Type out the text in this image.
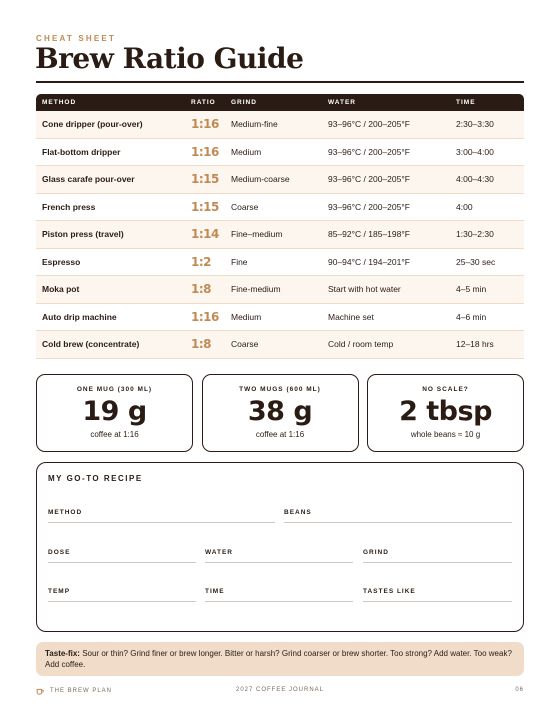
CHEAT SHEET
Brew Ratio Guide
METHOD	RATIO	GRIND	WATER	TIME
Cone dripper (pour-over)	1:16	Medium-fine	93–96°C / 200–205°F	2:30–3:30
Flat-bottom dripper	1:16	Medium	93–96°C / 200–205°F	3:00–4:00
Glass carafe pour-over	1:15	Medium-coarse	93–96°C / 200–205°F	4:00–4:30
French press	1:15	Coarse	93–96°C / 200–205°F	4:00
Piston press (travel)	1:14	Fine–medium	85–92°C / 185–198°F	1:30–2:30
Espresso	1:2	Fine	90–94°C / 194–201°F	25–30 sec
Moka pot	1:8	Fine-medium	Start with hot water	4–5 min
Auto drip machine	1:16	Medium	Machine set	4–6 min
Cold brew (concentrate)	1:8	Coarse	Cold / room temp	12–18 hrs
ONE MUG (300 ML)
19 g
coffee at 1:16
TWO MUGS (600 ML)
38 g
coffee at 1:16
NO SCALE?
2 tbsp
whole beans ≈ 10 g
MY GO-TO RECIPE
METHOD	BEANS
DOSE	WATER	GRIND
TEMP	TIME	TASTES LIKE
Taste-fix: Sour or thin? Grind finer or brew longer. Bitter or harsh? Grind coarser or brew shorter. Too strong? Add water. Too weak? Add coffee.
2027 COFFEE JOURNAL
THE BREW PLAN	06
